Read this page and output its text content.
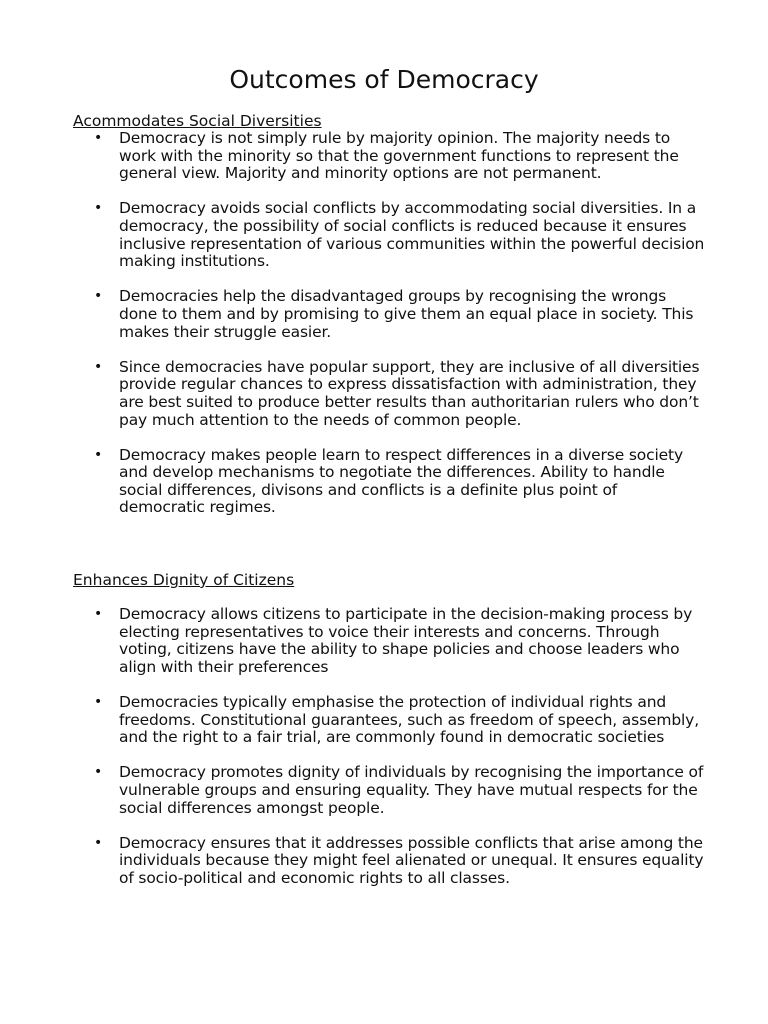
Outcomes of Democracy
Acommodates Social Diversities
• Democracy is not simply rule by majority opinion. The majority needs to work with the minority so that the government functions to represent the general view. Majority and minority options are not permanent.
• Democracy avoids social conflicts by accommodating social diversities. In a democracy, the possibility of social conflicts is reduced because it ensures inclusive representation of various communities within the powerful decision making institutions.
• Democracies help the disadvantaged groups by recognising the wrongs done to them and by promising to give them an equal place in society. This makes their struggle easier.
• Since democracies have popular support, they are inclusive of all diversities provide regular chances to express dissatisfaction with administration, they are best suited to produce better results than authoritarian rulers who don’t pay much attention to the needs of common people.
• Democracy makes people learn to respect differences in a diverse society and develop mechanisms to negotiate the differences. Ability to handle social differences, divisons and conflicts is a definite plus point of democratic regimes.
Enhances Dignity of Citizens
• Democracy allows citizens to participate in the decision-making process by electing representatives to voice their interests and concerns. Through voting, citizens have the ability to shape policies and choose leaders who align with their preferences
• Democracies typically emphasise the protection of individual rights and freedoms. Constitutional guarantees, such as freedom of speech, assembly, and the right to a fair trial, are commonly found in democratic societies
• Democracy promotes dignity of individuals by recognising the importance of vulnerable groups and ensuring equality. They have mutual respects for the social differences amongst people.
• Democracy ensures that it addresses possible conflicts that arise among the individuals because they might feel alienated or unequal. It ensures equality of socio-political and economic rights to all classes.
